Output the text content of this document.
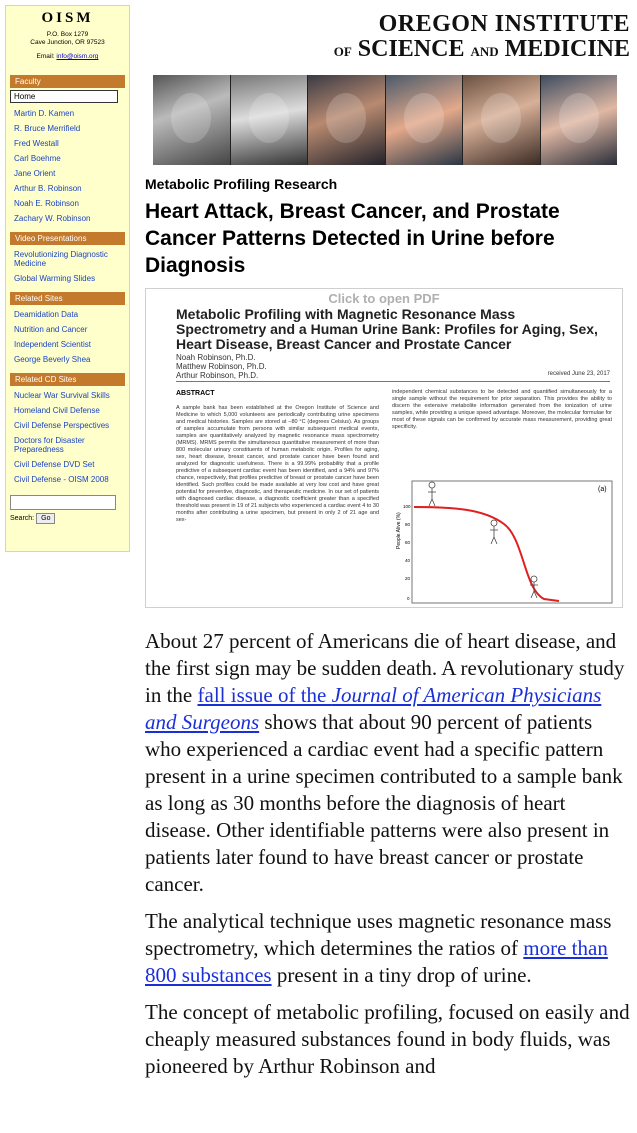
OISM
P.O. Box 1279
Cave Junction, OR 97523
Email: info@oism.org
Faculty
Home
Martin D. Kamen
R. Bruce Merrifield
Fred Westall
Carl Boehme
Jane Orient
Arthur B. Robinson
Noah E. Robinson
Zachary W. Robinson
Video Presentations
Revolutionizing Diagnostic Medicine
Global Warming Slides
Related Sites
Deamidation Data
Nutrition and Cancer
Independent Scientist
George Beverly Shea
Related CD Sites
Nuclear War Survival Skills
Homeland Civil Defense
Civil Defense Perspectives
Doctors for Disaster Preparedness
Civil Defense DVD Set
Civil Defense - OISM 2008
Search:	Go
OREGON INSTITUTE
OF SCIENCE AND MEDICINE
Metabolic Profiling Research
Heart Attack, Breast Cancer, and Prostate Cancer Patterns Detected in Urine before Diagnosis
Click to open PDF
Metabolic Profiling with Magnetic Resonance Mass Spectrometry and a Human Urine Bank: Profiles for Aging, Sex, Heart Disease, Breast Cancer and Prostate Cancer
Noah Robinson, Ph.D.
Matthew Robinson, Ph.D.
Arthur Robinson, Ph.D.	received June 23, 2017
ABSTRACT
A sample bank has been established at the Oregon Institute of Science and Medicine to which 5,000 volunteers are periodically contributing urine specimens and medical histories. Samples are stored at −80 °C (degrees Celsius). As groups of samples accumulate from persons with similar subsequent medical events, samples are quantitatively analyzed by magnetic resonance mass spectrometry (MRMS). MRMS permits the simultaneous quantitative measurement of more than 800 molecular urinary constituents of human metabolic origin. Profiles for aging, sex, heart disease, breast cancer, and prostate cancer have been found and analyzed for diagnostic usefulness. There is a 99.99% probability that a profile predictive of a subsequent cardiac event has been identified, and a 94% and 97% chance, respectively, that profiles predictive of breast or prostate cancer have been identified. Such profiles could be made available at very low cost and have great potential for preventive, diagnostic, and therapeutic medicine. In our set of patients with diagnosed cardiac disease, a diagnostic coefficient greater than a specified threshold was present in 19 of 21 subjects who experienced a cardiac event 4 to 30 months after contributing a urine specimen, but present in only 2 of 21 age and sex-
independent chemical substances to be detected and quantified simultaneously for a single sample without the requirement for prior separation. This provides the ability to discern the extensive metabolite information generated from the ionization of urine samples, while providing a unique speed advantage. Moreover, the molecular formulae for most of these signals can be confirmed by accurate mass measurement, providing great specificity.
(a)
People Alive (%)
100
80
60
40
20
0

About 27 percent of Americans die of heart disease, and the first sign may be sudden death. A revolutionary study in the fall issue of the Journal of American Physicians and Surgeons shows that about 90 percent of patients who experienced a cardiac event had a specific pattern present in a urine specimen contributed to a sample bank as long as 30 months before the diagnosis of heart disease. Other identifiable patterns were also present in patients later found to have breast cancer or prostate cancer.

The analytical technique uses magnetic resonance mass spectrometry, which determines the ratios of more than 800 substances present in a tiny drop of urine.

The concept of metabolic profiling, focused on easily and cheaply measured substances found in body fluids, was pioneered by Arthur Robinson and
